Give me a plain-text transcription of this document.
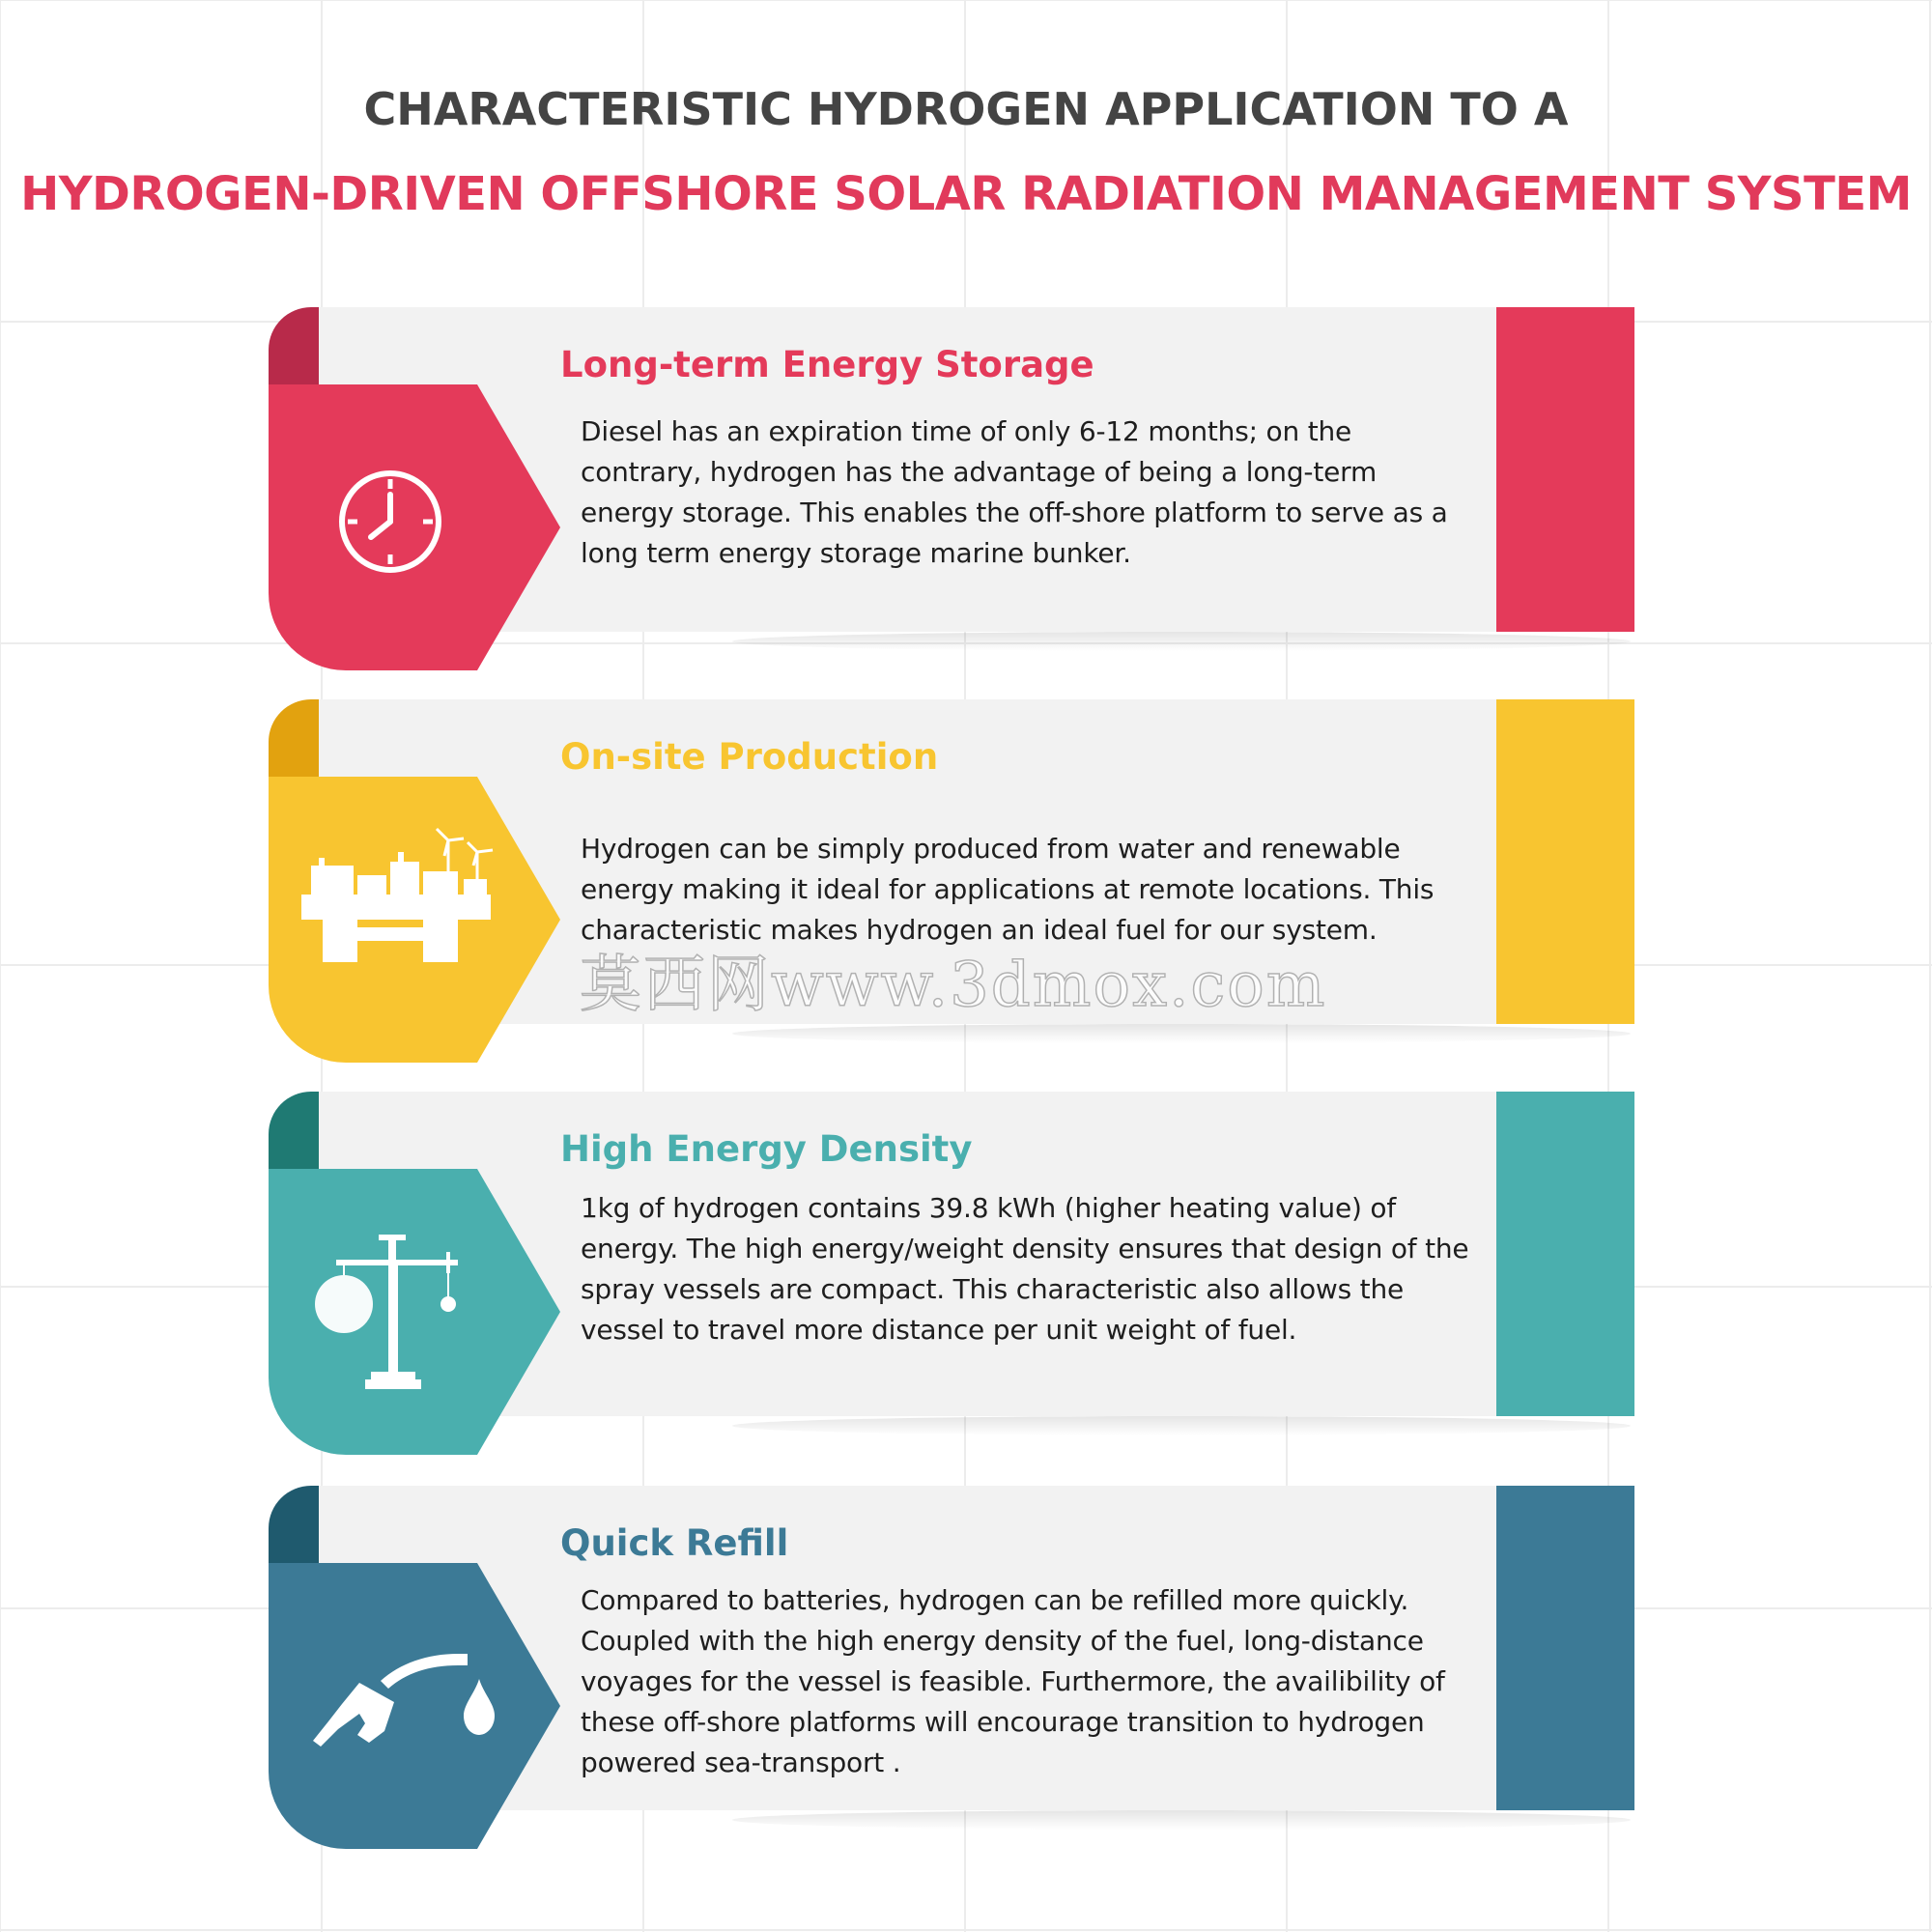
CHARACTERISTIC HYDROGEN APPLICATION TO A
HYDROGEN-DRIVEN OFFSHORE SOLAR RADIATION MANAGEMENT SYSTEM
Long-term Energy Storage

Diesel has an expiration time of only 6-12 months; on the contrary, hydrogen has the advantage of being a long-term energy storage. This enables the off-shore platform to serve as a long term energy storage marine bunker.

On-site Production

Hydrogen can be simply produced from water and renewable energy making it ideal for applications at remote locations. This characteristic makes hydrogen an ideal fuel for our system.

High Energy Density

1kg of hydrogen contains 39.8 kWh (higher heating value) of energy. The high energy/weight density ensures that design of the spray vessels are compact. This characteristic also allows the vessel to travel more distance per unit weight of fuel.

Quick Refill

Compared to batteries, hydrogen can be refilled more quickly. Coupled with the high energy density of the fuel, long-distance voyages for the vessel is feasible. Furthermore, the availibility of these off-shore platforms will encourage transition to hydrogen powered sea-transport .

莫西网www.3dmox.com
